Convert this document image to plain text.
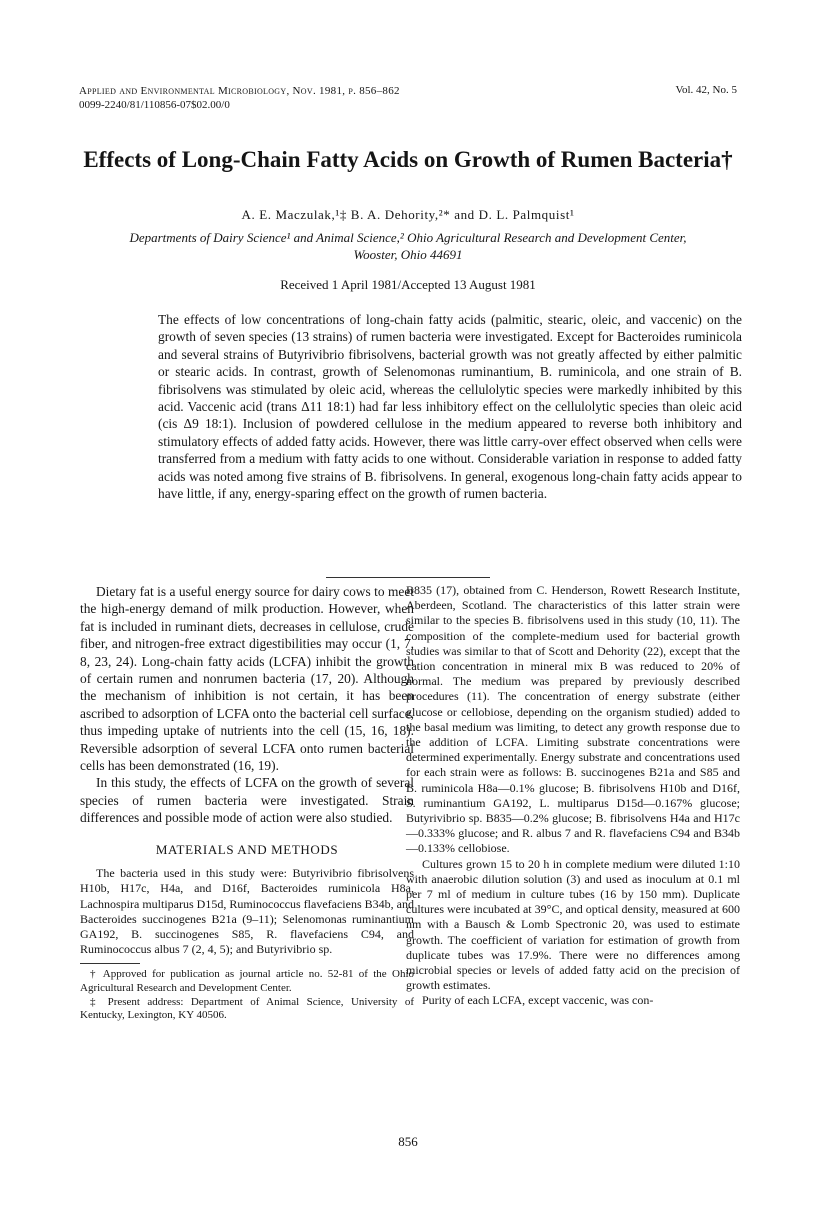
Applied and Environmental Microbiology, Nov. 1981, p. 856–862
0099-2240/81/110856-07$02.00/0
Vol. 42, No. 5
Effects of Long-Chain Fatty Acids on Growth of Rumen Bacteria†
A. E. Maczulak,¹‡ B. A. Dehority,²* and D. L. Palmquist¹
Departments of Dairy Science¹ and Animal Science,² Ohio Agricultural Research and Development Center,
Wooster, Ohio 44691
Received 1 April 1981/Accepted 13 August 1981
The effects of low concentrations of long-chain fatty acids (palmitic, stearic, oleic, and vaccenic) on the growth of seven species (13 strains) of rumen bacteria were investigated. Except for Bacteroides ruminicola and several strains of Butyrivibrio fibrisolvens, bacterial growth was not greatly affected by either palmitic or stearic acids. In contrast, growth of Selenomonas ruminantium, B. ruminicola, and one strain of B. fibrisolvens was stimulated by oleic acid, whereas the cellulolytic species were markedly inhibited by this acid. Vaccenic acid (trans Δ11 18:1) had far less inhibitory effect on the cellulolytic species than oleic acid (cis Δ9 18:1). Inclusion of powdered cellulose in the medium appeared to reverse both inhibitory and stimulatory effects of added fatty acids. However, there was little carry-over effect observed when cells were transferred from a medium with fatty acids to one without. Considerable variation in response to added fatty acids was noted among five strains of B. fibrisolvens. In general, exogenous long-chain fatty acids appear to have little, if any, energy-sparing effect on the growth of rumen bacteria.

Dietary fat is a useful energy source for dairy cows to meet the high-energy demand of milk production. However, when fat is included in ruminant diets, decreases in cellulose, crude fiber, and nitrogen-free extract digestibilities may occur (1, 7, 8, 23, 24). Long-chain fatty acids (LCFA) inhibit the growth of certain rumen and nonrumen bacteria (17, 20). Although the mechanism of inhibition is not certain, it has been ascribed to adsorption of LCFA onto the bacterial cell surface, thus impeding uptake of nutrients into the cell (15, 16, 18). Reversible adsorption of several LCFA onto rumen bacterial cells has been demonstrated (16, 19).

In this study, the effects of LCFA on the growth of several species of rumen bacteria were investigated. Strain differences and possible mode of action were also studied.

MATERIALS AND METHODS

The bacteria used in this study were: Butyrivibrio fibrisolvens H10b, H17c, H4a, and D16f, Bacteroides ruminicola H8a, Lachnospira multiparus D15d, Ruminococcus flavefaciens B34b, and Bacteroides succinogenes B21a (9–11); Selenomonas ruminantium GA192, B. succinogenes S85, R. flavefaciens C94, and Ruminococcus albus 7 (2, 4, 5); and Butyrivibrio sp.

† Approved for publication as journal article no. 52-81 of the Ohio Agricultural Research and Development Center.

‡ Present address: Department of Animal Science, University of Kentucky, Lexington, KY 40506.

B835 (17), obtained from C. Henderson, Rowett Research Institute, Aberdeen, Scotland. The characteristics of this latter strain were similar to the species B. fibrisolvens used in this study (10, 11). The composition of the complete-medium used for bacterial growth studies was similar to that of Scott and Dehority (22), except that the cation concentration in mineral mix B was reduced to 20% of normal. The medium was prepared by previously described procedures (11). The concentration of energy substrate (either glucose or cellobiose, depending on the organism studied) added to the basal medium was limiting, to detect any growth response due to the addition of LCFA. Limiting substrate concentrations were determined experimentally. Energy substrate and concentrations used for each strain were as follows: B. succinogenes B21a and S85 and B. ruminicola H8a—0.1% glucose; B. fibrisolvens H10b and D16f, S. ruminantium GA192, L. multiparus D15d—0.167% glucose; Butyrivibrio sp. B835—0.2% glucose; B. fibrisolvens H4a and H17c—0.333% glucose; and R. albus 7 and R. flavefaciens C94 and B34b—0.133% cellobiose.

Cultures grown 15 to 20 h in complete medium were diluted 1:10 with anaerobic dilution solution (3) and used as inoculum at 0.1 ml per 7 ml of medium in culture tubes (16 by 150 mm). Duplicate cultures were incubated at 39°C, and optical density, measured at 600 nm with a Bausch & Lomb Spectronic 20, was used to estimate growth. The coefficient of variation for estimation of growth from duplicate tubes was 17.9%. There were no differences among microbial species or levels of added fatty acid on the precision of growth estimates.

Purity of each LCFA, except vaccenic, was con-

856
